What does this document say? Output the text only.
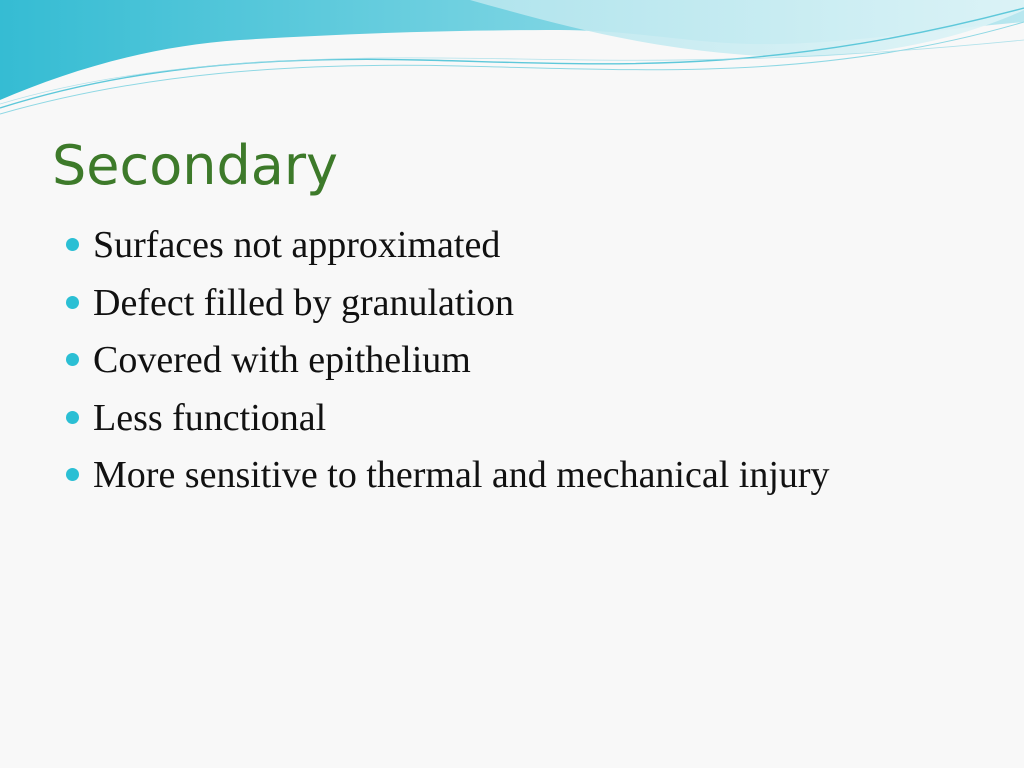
Secondary
Surfaces not approximated
Defect filled by granulation
Covered with epithelium
Less functional
More sensitive to thermal and mechanical injury
